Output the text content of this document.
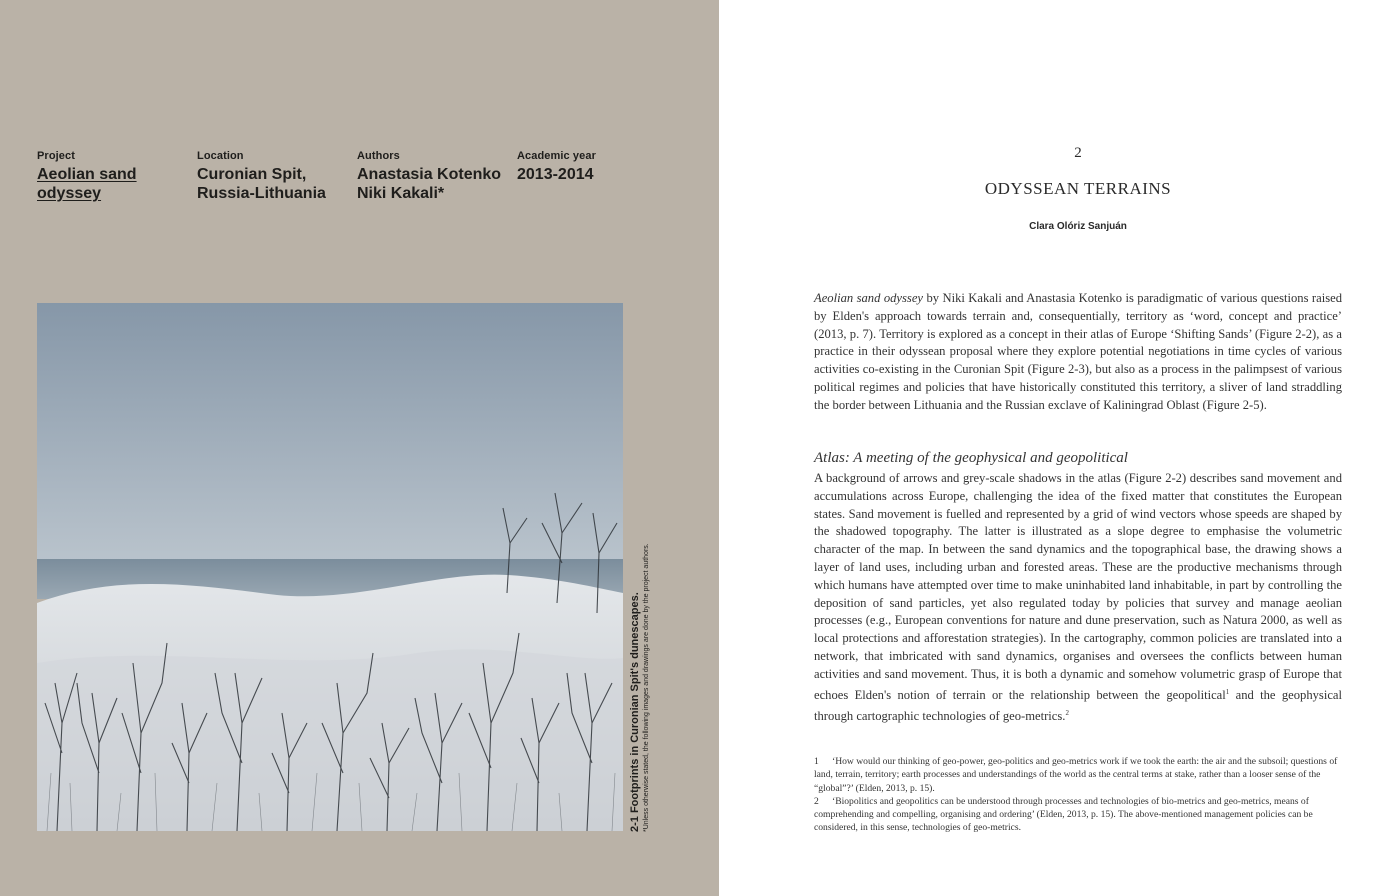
Project
Aeolian sand
odyssey
Location
Curonian Spit,
Russia-Lithuania
Authors
Anastasia Kotenko
Niki Kakali*
Academic year
2013-2014
2-1 Footprints in Curonian Spit's dunescapes. *Unless otherwise stated, the following images and drawings are done by the project authors.
2
ODYSSEAN TERRAINS
Clara Olóriz Sanjuán

Aeolian sand odyssey by Niki Kakali and Anastasia Kotenko is paradigmatic of various questions raised by Elden's approach towards terrain and, consequentially, territory as ‘word, concept and practice’ (2013, p. 7). Territory is explored as a concept in their atlas of Europe ‘Shifting Sands’ (Figure 2-2), as a practice in their odyssean proposal where they explore potential negotiations in time cycles of various activities co-existing in the Curonian Spit (Figure 2-3), but also as a process in the palimpsest of various political regimes and policies that have historically constituted this territory, a sliver of land straddling the border between Lithuania and the Russian exclave of Kaliningrad Oblast (Figure 2-5).

Atlas: A meeting of the geophysical and geopolitical

A background of arrows and grey-scale shadows in the atlas (Figure 2-2) describes sand movement and accumulations across Europe, challenging the idea of the fixed matter that constitutes the European states. Sand movement is fuelled and represented by a grid of wind vectors whose speeds are shaped by the shadowed topography. The latter is illustrated as a slope degree to emphasise the volumetric character of the map. In between the sand dynamics and the topographical base, the drawing shows a layer of land uses, including urban and forested areas. These are the productive mechanisms through which humans have attempted over time to make uninhabited land inhabitable, in part by controlling the deposition of sand particles, yet also regulated today by policies that survey and manage aeolian processes (e.g., European conventions for nature and dune preservation, such as Natura 2000, as well as local protections and afforestation strategies). In the cartography, common policies are translated into a network, that imbricated with sand dynamics, organises and oversees the conflicts between human activities and sand movement. Thus, it is both a dynamic and somehow volumetric grasp of Europe that echoes Elden's notion of terrain or the relationship between the geopolitical$^1$ and the geophysical through cartographic technologies of geo-metrics.$^2$

1 ‘How would our thinking of geo-power, geo-politics and geo-metrics work if we took the earth: the air and the subsoil; questions of land, terrain, territory; earth processes and understandings of the world as the central terms at stake, rather than a looser sense of the “global”?’ (Elden, 2013, p. 15).

2 ‘Biopolitics and geopolitics can be understood through processes and technologies of bio-metrics and geo-metrics, means of comprehending and compelling, organising and ordering’ (Elden, 2013, p. 15). The above-mentioned management policies can be considered, in this sense, technologies of geo-metrics.
